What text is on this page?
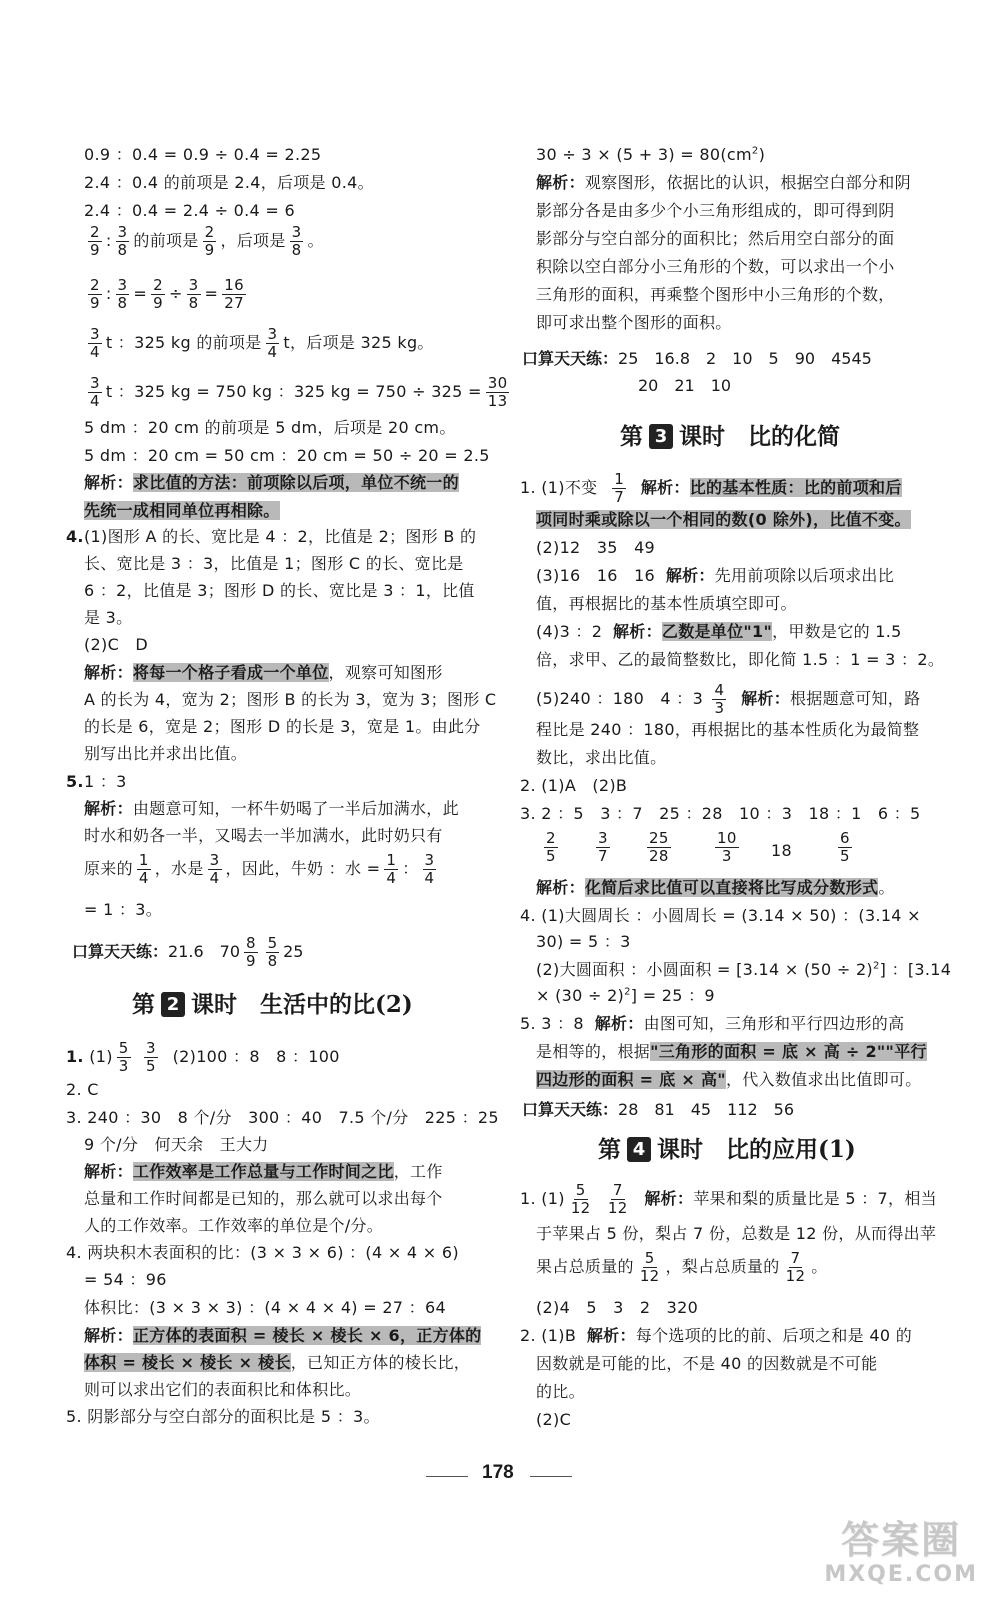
0.9 ：0.4 = 0.9 ÷ 0.4 = 2.25
2.4 ：0.4 的前项是 2.4，后项是 0.4。
2.4 ：0.4 = 2.4 ÷ 0.4 = 6
$\frac{2}{9}$ : $\frac{3}{8}$ 的前项是 $\frac{2}{9}$ ，后项是 $\frac{3}{8}$ 。
$\frac{2}{9}$ : $\frac{3}{8} = \frac{2}{9} \div \frac{3}{8} = \frac{16}{27}$
$\frac{3}{4}$ t ：325 kg 的前项是 $\frac{3}{4}$ t，后项是 325 kg。
$\frac{3}{4}$ t ：325 kg = 750 kg ：325 kg = $750 \div 325 = \frac{30}{13}$
5 dm ：20 cm 的前项是 5 dm，后项是 20 cm。
5 dm ：20 cm = 50 cm ：20 cm = 50 ÷ 20 = 2.5
解析：求比值的方法：前项除以后项，单位不统一的
先统一成相同单位再相除。
4. (1)图形 A 的长、宽比是 4 ：2，比值是 2；图形 B 的
长、宽比是 3 ：3，比值是 1；图形 C 的长、宽比是
6 ：2，比值是 3；图形 D 的长、宽比是 3 ：1，比值
是 3。
(2)C　D
解析：将每一个格子看成一个单位，观察可知图形
A 的长为 4，宽为 2；图形 B 的长为 3，宽为 3；图形 C
的长是 6，宽是 2；图形 D 的长是 3，宽是 1。由此分
别写出比并求出比值。
5. 1 ：3
解析：由题意可知，一杯牛奶喝了一半后加满水，此
时水和奶各一半，又喝去一半加满水，此时奶只有
原来的 $\frac{1}{4}$ ，水是 $\frac{3}{4}$ ，因此，牛奶 ：水 = $\frac{1}{4}$ ： $\frac{3}{4}$
= 1 ：3。
口算天天练：21.6　$70 \frac{8}{9} \frac{5}{8} 25$
第 2 课时　生活中的比(2)
1. $(1) \frac{5}{3}$
$\frac{3}{5} (2)100$ ：8　8 ：100
2. C
3. 240 ：30　8 个/分　300 ：40　7.5 个/分　225 ：25
9 个/分　何天余　王大力
解析：工作效率是工作总量与工作时间之比，工作
总量和工作时间都是已知的，那么就可以求出每个
人的工作效率。工作效率的单位是个/分。
4. 两块积木表面积的比：(3 × 3 × 6) ：(4 × 4 × 6)
= 54 ：96
体积比：(3 × 3 × 3) ：(4 × 4 × 4) = 27 ：64
解析：正方体的表面积 = 棱长 × 棱长 × 6，正方体的
体积 = 棱长 × 棱长 × 棱长，已知正方体的棱长比，
则可以求出它们的表面积比和体积比。
5. 阴影部分与空白部分的面积比是 5 ：3。
$30 \div 3 \times (5 + 3) = 80(cm^2)$
解析：观察图形，依据比的认识，根据空白部分和阴
影部分各是由多少个小三角形组成的，即可得到阴
影部分与空白部分的面积比；然后用空白部分的面
积除以空白部分小三角形的个数，可以求出一个小
三角形的面积，再乘整个图形中小三角形的个数，
即可求出整个图形的面积。
口算天天练：25　16.8　2　10　5　90　4545
20　21　10
第 3 课时　比的化简
1. (1)不变 $\frac{1}{7}$ 解析：比的基本性质：比的前项和后
项同时乘或除以一个相同的数(0 除外)，比值不变。
(2)12　35　49
(3)16　16　16 解析：先用前项除以后项求出比
值，再根据比的基本性质填空即可。
(4)3 ：2 解析：乙数是单位"1"，甲数是它的 1.5
倍，求甲、乙的最简整数比，即化简 1.5 ：1 = 3 ：2。
(5)240 ：180　4 ：$3 \frac{4}{3}$ 解析：根据题意可知，路
程比是 240 ：180，再根据比的基本性质化为最简整
数比，求出比值。
2. (1)A　(2)B
3. 2 ：5　3 ：7　25 ：28　10 ：3　18 ：1　6 ：5
$\frac{2}{5}$	$\frac{3}{7} \frac{25}{28}$	$\frac{10}{3} 18$	$\frac{6}{5}$
解析：化简后求比值可以直接将比写成分数形式。
4. (1)大圆周长 ：小圆周长 = (3.14 × 50) ：(3.14 ×
30) = 5 ：3
(2)大圆面积 ：小圆面积 = $[3.14 \times (50 \div 2)^2]$ ：[3.14
× $(30 \div 2)^2] = 25$ ：9
5. 3 ：8 解析：由图可知，三角形和平行四边形的高
是相等的，根据"三角形的面积 = 底 × 高 ÷ 2""平行
四边形的面积 = 底 × 高"，代入数值求出比值即可。
口算天天练：28　81　45　112　56
第 4 课时　比的应用(1)
1. $(1) \frac{5}{12}$
$\frac{7}{12}$ 解析：苹果和梨的质量比是 5 ：7，相当
于苹果占 5 份，梨占 7 份，总数是 12 份，从而得出苹
果占总质量的 $\frac{5}{12}$ ，梨占总质量的 $\frac{7}{12}$ 。
(2)4　5　3　2　320
2. (1)B 解析：每个选项的比的前、后项之和是 40 的
因数就是可能的比，不是 40 的因数就是不可能
的比。
(2)C
178
答案圈
MXQE.COM
